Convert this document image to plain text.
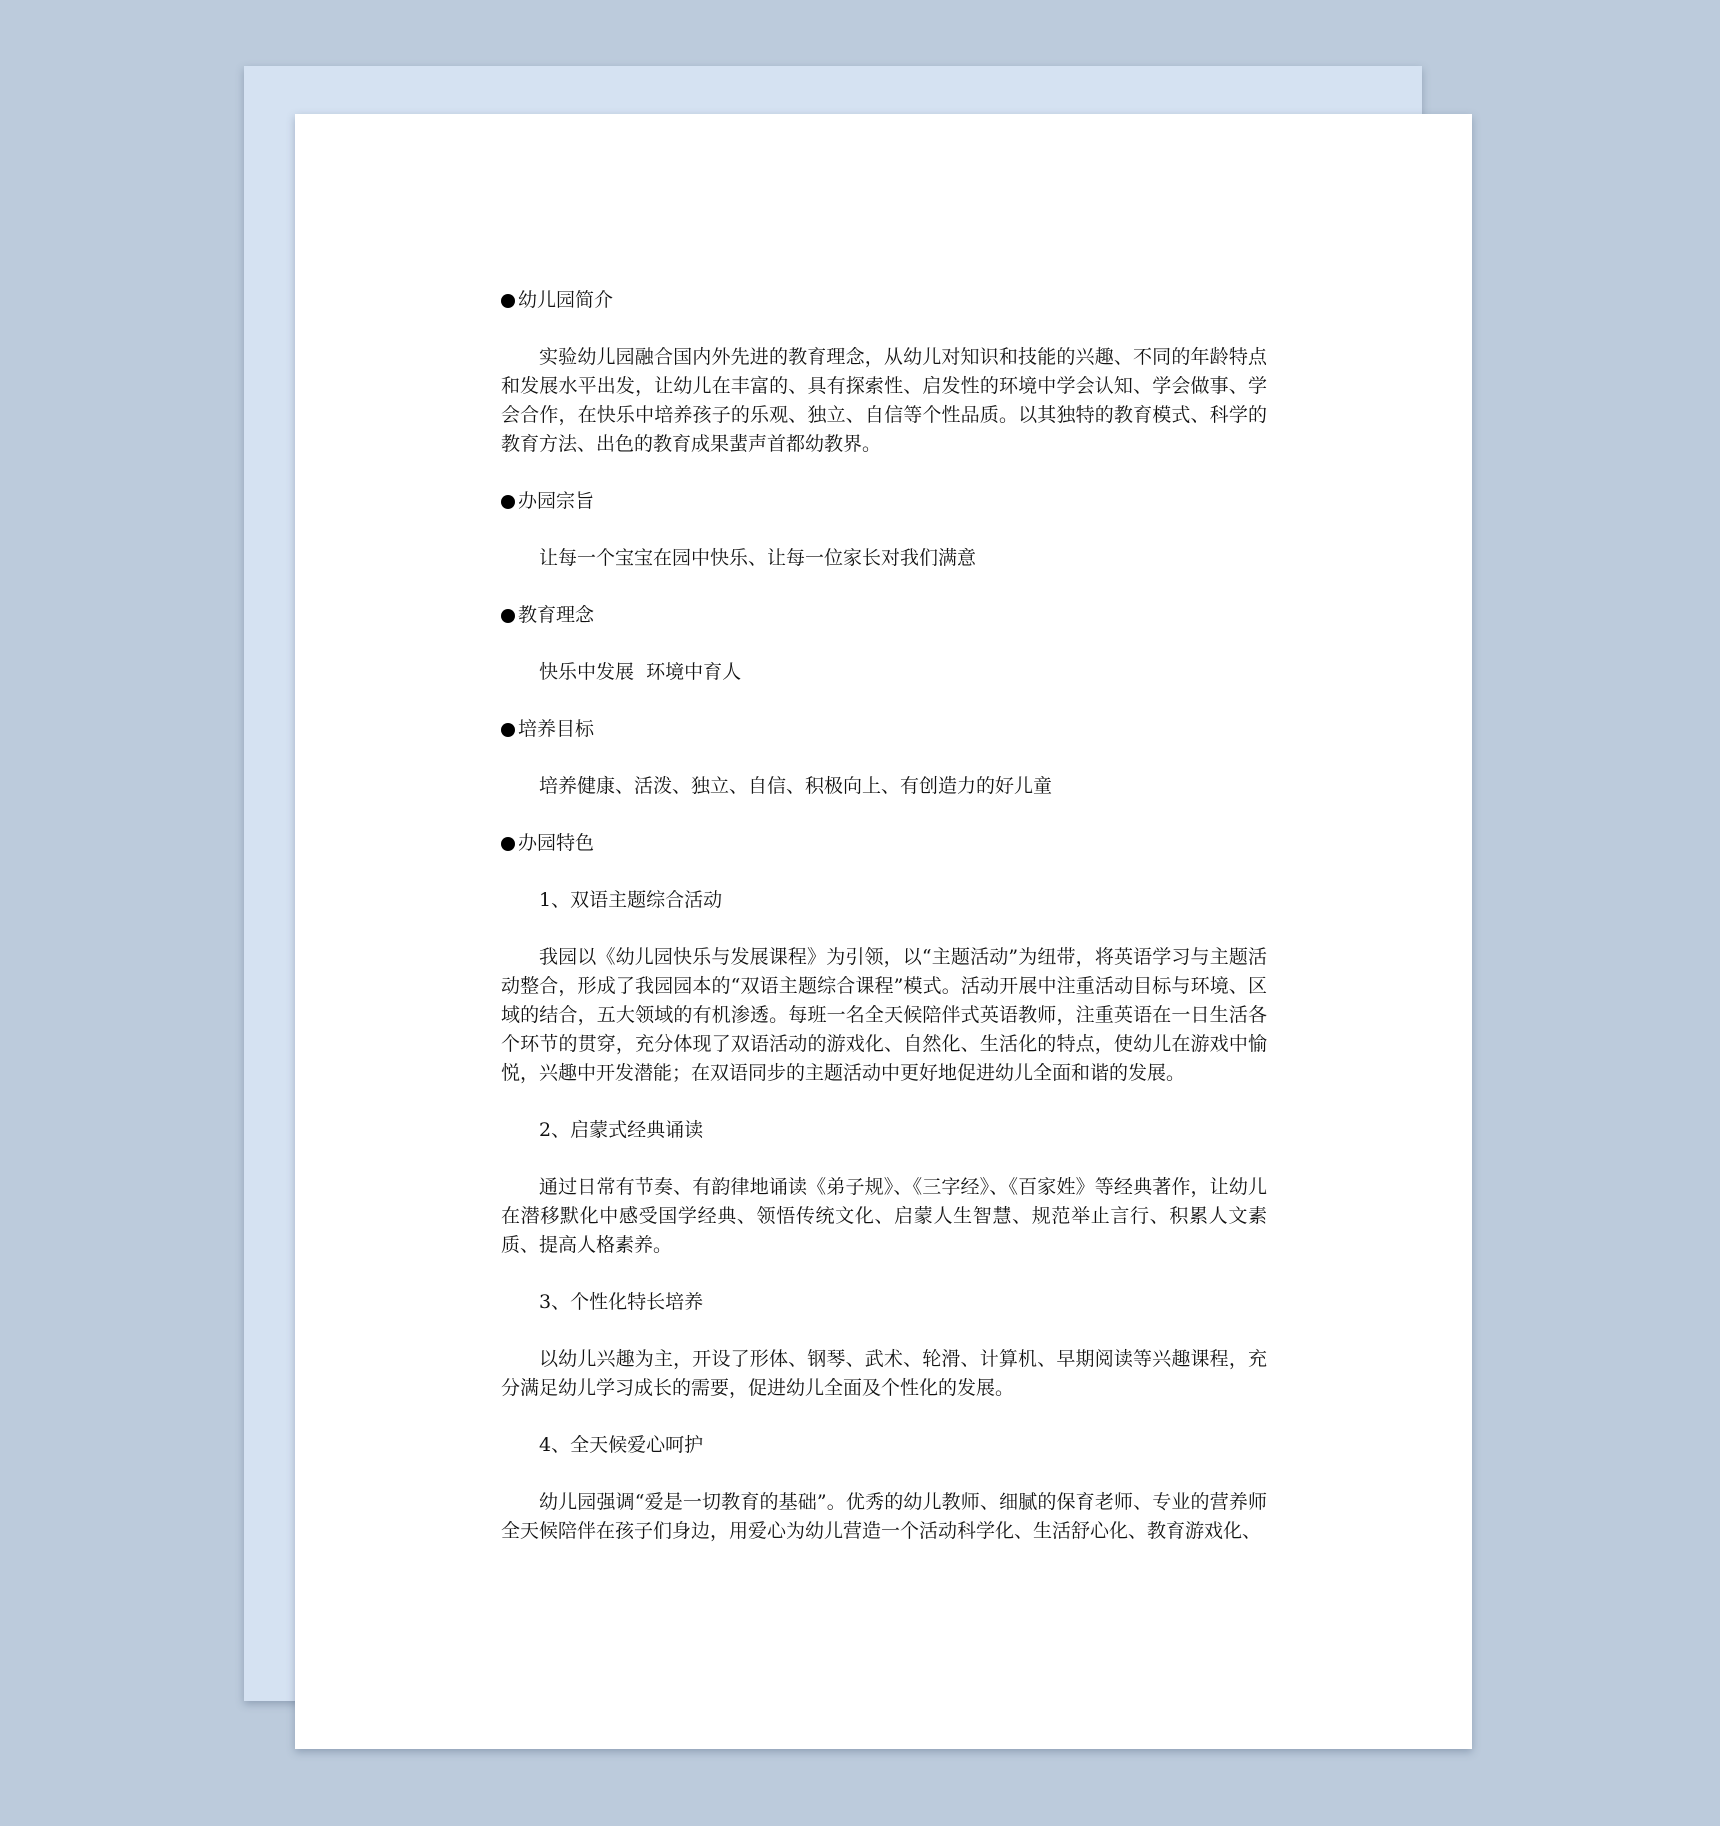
幼儿园简介

实验幼儿园融合国内外先进的教育理念，从幼儿对知识和技能的兴趣、不同的年龄特点和发展水平出发，让幼儿在丰富的、具有探索性、启发性的环境中学会认知、学会做事、学会合作，在快乐中培养孩子的乐观、独立、自信等个性品质。以其独特的教育模式、科学的教育方法、出色的教育成果蜚声首都幼教界。

办园宗旨

让每一个宝宝在园中快乐、让每一位家长对我们满意

教育理念

快乐中发展  环境中育人

培养目标

培养健康、活泼、独立、自信、积极向上、有创造力的好儿童

办园特色
1、双语主题综合活动

我园以《幼儿园快乐与发展课程》为引领，以“主题活动”为纽带，将英语学习与主题活动整合，形成了我园园本的“双语主题综合课程”模式。活动开展中注重活动目标与环境、区域的结合，五大领域的有机渗透。每班一名全天候陪伴式英语教师，注重英语在一日生活各个环节的贯穿，充分体现了双语活动的游戏化、自然化、生活化的特点，使幼儿在游戏中愉悦，兴趣中开发潜能；在双语同步的主题活动中更好地促进幼儿全面和谐的发展。

2、启蒙式经典诵读

通过日常有节奏、有韵律地诵读《弟子规》、《三字经》、《百家姓》等经典著作，让幼儿在潜移默化中感受国学经典、领悟传统文化、启蒙人生智慧、规范举止言行、积累人文素质、提高人格素养。

3、个性化特长培养

以幼儿兴趣为主，开设了形体、钢琴、武术、轮滑、计算机、早期阅读等兴趣课程，充分满足幼儿学习成长的需要，促进幼儿全面及个性化的发展。

4、全天候爱心呵护

幼儿园强调“爱是一切教育的基础”。优秀的幼儿教师、细腻的保育老师、专业的营养师全天候陪伴在孩子们身边，用爱心为幼儿营造一个活动科学化、生活舒心化、教育游戏化、
